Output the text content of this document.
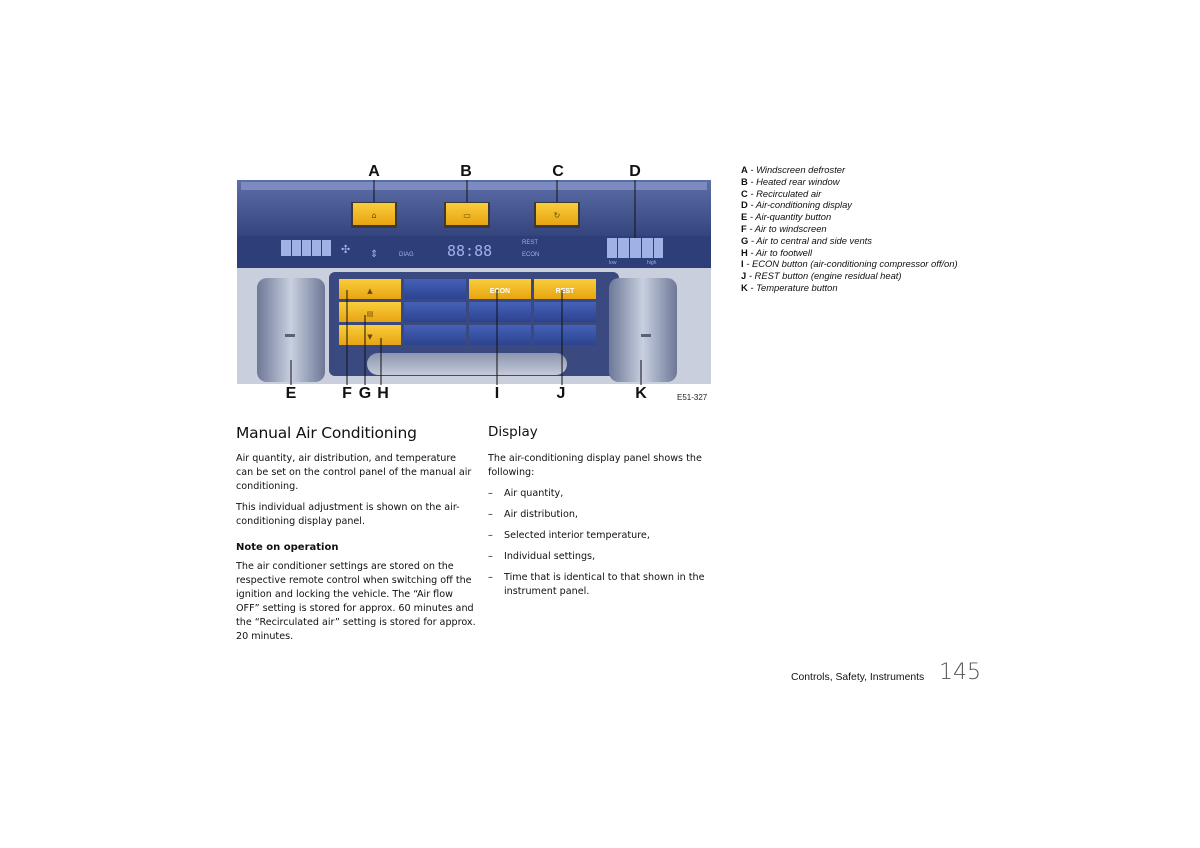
⌂	▭	↻
✣ ⇕	DIAG 88:88	REST
ECON
low	high
▲
▤
▼
ECON	REST
A	B	C	D
E	F G H	I	J	K	E51-327
A - Windscreen defroster
B - Heated rear window
C - Recirculated air
D - Air-conditioning display
E - Air-quantity button
F - Air to windscreen
G - Air to central and side vents
H - Air to footwell
I - ECON button (air-conditioning compressor off/on)
J - REST button (engine residual heat)
K - Temperature button
Manual Air Conditioning

Air quantity, air distribution, and temperature can be set on the control panel of the manual air conditioning.

This individual adjustment is shown on the air-conditioning display panel.

Note on operation

The air conditioner settings are stored on the respective remote control when switching off the ignition and locking the vehicle. The “Air flow OFF” setting is stored for approx. 60 minutes and the “Recirculated air” setting is stored for approx. 20 minutes.

Display

The air-conditioning display panel shows the following:

– Air quantity,
– Air distribution,
– Selected interior temperature,
– Individual settings,
– Time that is identical to that shown in the instrument panel.
Controls, Safety, Instruments 145
